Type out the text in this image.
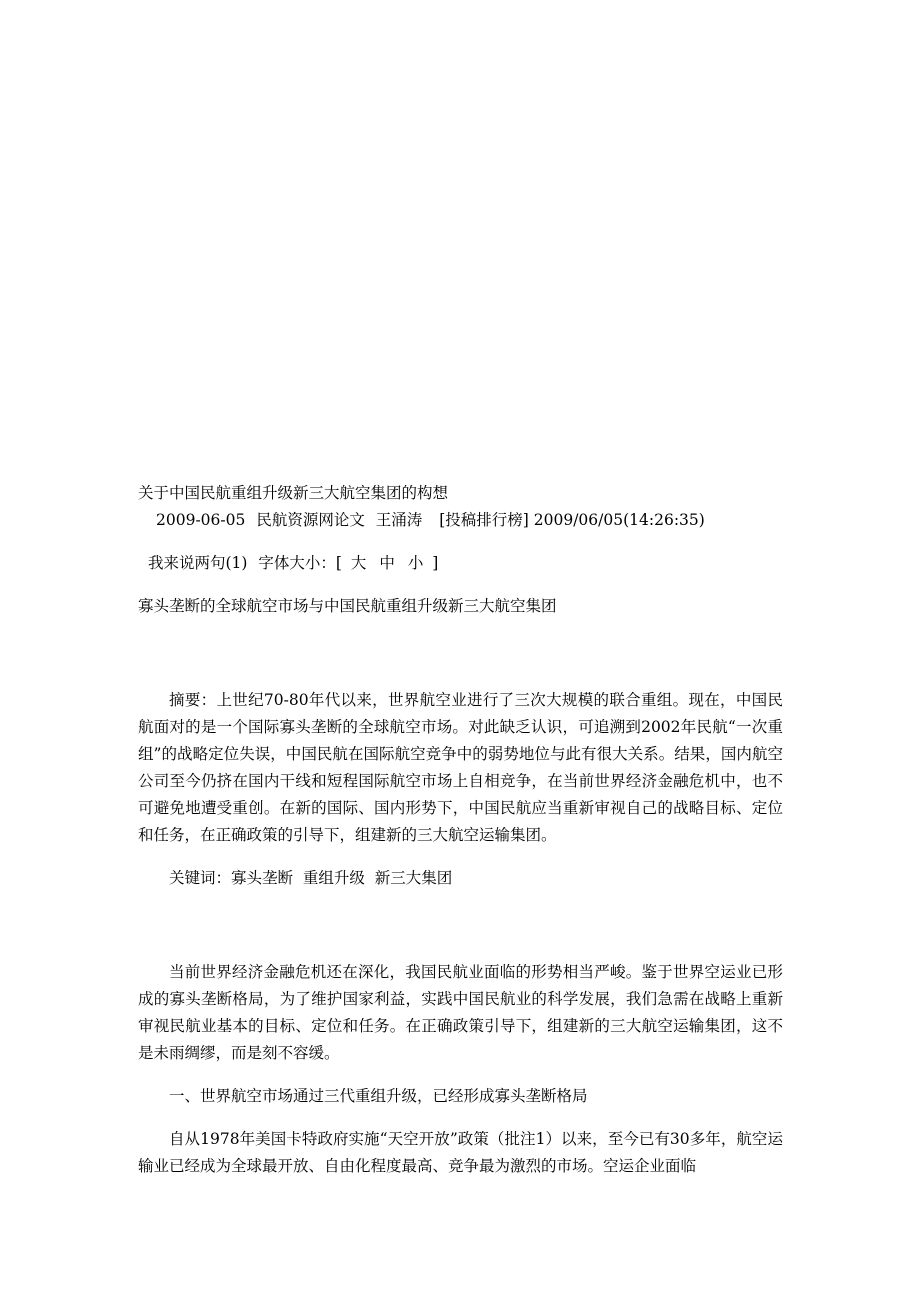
关于中国民航重组升级新三大航空集团的构想
2009-06-05 民航资源网论文 王涌涛 [投稿排行榜] 2009/06/05(14:26:35)
我来说两句(1) 字体大小：[ 大 中 小 ]
寡头垄断的全球航空市场与中国民航重组升级新三大航空集团

摘要：上世纪70-80年代以来，世界航空业进行了三次大规模的联合重组。现在，中国民航面对的是一个国际寡头垄断的全球航空市场。对此缺乏认识，可追溯到2002年民航“一次重组”的战略定位失误，中国民航在国际航空竞争中的弱势地位与此有很大关系。结果，国内航空公司至今仍挤在国内干线和短程国际航空市场上自相竞争，在当前世界经济金融危机中，也不可避免地遭受重创。在新的国际、国内形势下，中国民航应当重新审视自己的战略目标、定位和任务，在正确政策的引导下，组建新的三大航空运输集团。

关键词：寡头垄断  重组升级  新三大集团

当前世界经济金融危机还在深化，我国民航业面临的形势相当严峻。鉴于世界空运业已形成的寡头垄断格局，为了维护国家利益，实践中国民航业的科学发展，我们急需在战略上重新审视民航业基本的目标、定位和任务。在正确政策引导下，组建新的三大航空运输集团，这不是未雨绸缪，而是刻不容缓。

一、世界航空市场通过三代重组升级，已经形成寡头垄断格局

自从1978年美国卡特政府实施“天空开放”政策（批注1）以来，至今已有30多年，航空运输业已经成为全球最开放、自由化程度最高、竞争最为激烈的市场。空运企业面临
